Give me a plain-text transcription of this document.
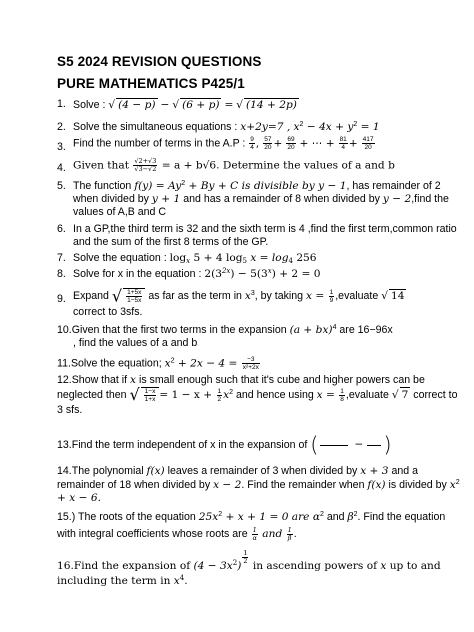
S5 2024 REVISION QUESTIONS
PURE MATHEMATICS P425/1
1. Solve : √ (4 − p) − √ (6 + p) = √ (14 + 2p)
2. Solve the simultaneous equations : x+2y=7 , $x^2 - 4x + y^2 = 1$
3. Find the number of terms in the A.P : $\frac{9}{4}$ , $\frac{57}{20} + \frac{69}{20}$ + ⋯ + $\frac{81}{4} + \frac{417}{20}$
4. Given that $\frac{√2+√3}{√3-√2} = a + b√6$. Determine the values of a and b
5. The function $f(y) = Ay^2 + By + C$ is divisible by y − 1, has remainder of 2 when divided by y + 1 and has a remainder of 8 when divided by y − 2,find the values of A,B and C
6. In a GP,the third term is 32 and the sixth term is 4 ,find the first term,common ratio and the sum of the first 8 terms of the GP.
7. Solve the equation : $\log_x 5 + 4$ $\log_5 x = \log_4 256$
8. Solve for x in the equation : $2(3^{2x}) - 5(3^x) + 2 = 0$
9. Expand √ $\frac{1+5x}{1-5x}$ as far as the term in $x^3$, by taking $x = \frac{1}{9}$ ,evaluate √ 14
correct to 3sfs.
10.Given that the first two terms in the expansion (a + bx)$^4$ are 16−96x
, find the values of a and b
11.Solve the equation; $x^2 + 2x - 4 = \frac{-3}{\text{x²+2x}}$
12.Show that if x is small enough such that it's cube and higher powers can be neglected then √ $\frac{1-x}{1+x} = 1 - x + \frac{1}{2} x^2$ and hence using $x = \frac{1}{8}$ ,evaluate √ 7 correct to 3 sfs.
13.Find the term independent of x in the expansion of (	− )
14.The polynomial f(x) leaves a remainder of 3 when divided by x + 3 and a remainder of 18 when divided by x − 2. Find the remainder when f(x) is divided by $x^2 + x - 6$.
15.) The roots of the equation $25x^2 + x + 1 = 0$ are $\alpha^2$ and $\beta^2$. Find the equation with integral coefficients whose roots are $\frac{1}{\alpha}$ and $\frac{1}{\beta}$ .
16.Find the expansion of $(4 - 3x^2)$
$\frac{1}{2}$
in ascending powers of x up to and including the term in $x^4$.
